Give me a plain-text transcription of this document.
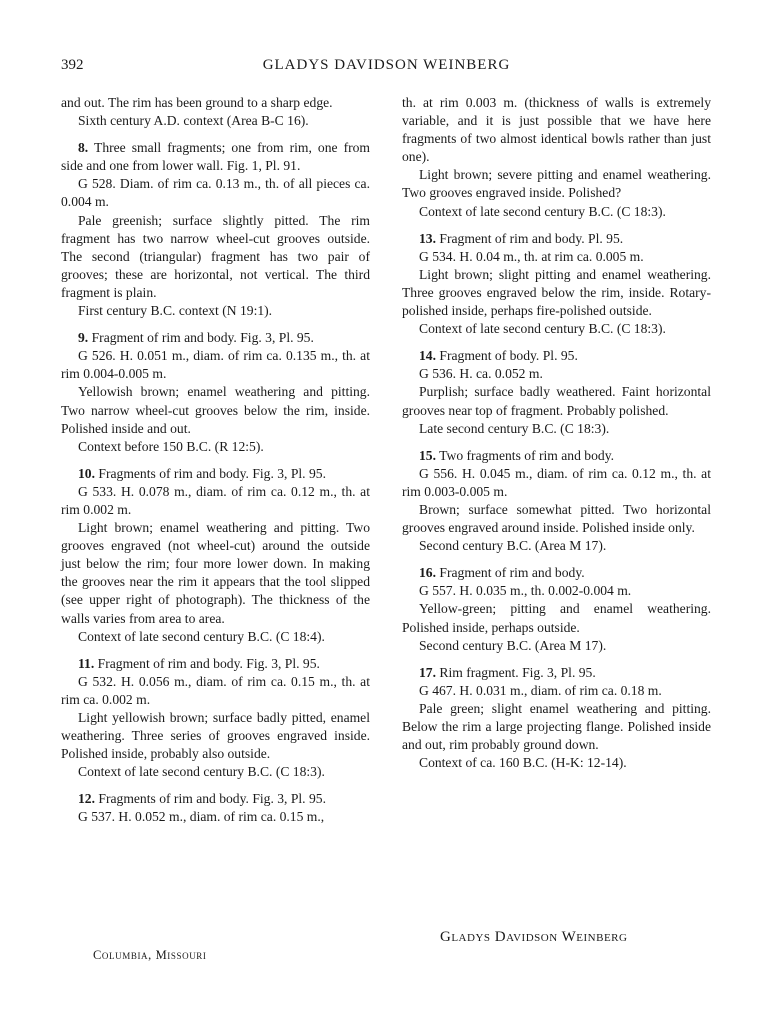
392	GLADYS DAVIDSON WEINBERG

and out. The rim has been ground to a sharp edge.

Sixth century A.D. context (Area B-C 16).

8. Three small fragments; one from rim, one from side and one from lower wall. Fig. 1, Pl. 91.

G 528. Diam. of rim ca. 0.13 m., th. of all pieces ca. 0.004 m.

Pale greenish; surface slightly pitted. The rim fragment has two narrow wheel-cut grooves outside. The second (triangular) fragment has two pair of grooves; these are horizontal, not vertical. The third fragment is plain.

First century B.C. context (N 19:1).

9. Fragment of rim and body. Fig. 3, Pl. 95.

G 526. H. 0.051 m., diam. of rim ca. 0.135 m., th. at rim 0.004-0.005 m.

Yellowish brown; enamel weathering and pitting. Two narrow wheel-cut grooves below the rim, inside. Polished inside and out.

Context before 150 B.C. (R 12:5).

10. Fragments of rim and body. Fig. 3, Pl. 95.

G 533. H. 0.078 m., diam. of rim ca. 0.12 m., th. at rim 0.002 m.

Light brown; enamel weathering and pitting. Two grooves engraved (not wheel-cut) around the outside just below the rim; four more lower down. In making the grooves near the rim it appears that the tool slipped (see upper right of photograph). The thickness of the walls varies from area to area.

Context of late second century B.C. (C 18:4).

11. Fragment of rim and body. Fig. 3, Pl. 95.

G 532. H. 0.056 m., diam. of rim ca. 0.15 m., th. at rim ca. 0.002 m.

Light yellowish brown; surface badly pitted, enamel weathering. Three series of grooves engraved inside. Polished inside, probably also outside.

Context of late second century B.C. (C 18:3).

12. Fragments of rim and body. Fig. 3, Pl. 95.

G 537. H. 0.052 m., diam. of rim ca. 0.15 m.,

th. at rim 0.003 m. (thickness of walls is extremely variable, and it is just possible that we have here fragments of two almost identical bowls rather than just one).

Light brown; severe pitting and enamel weathering. Two grooves engraved inside. Polished?

Context of late second century B.C. (C 18:3).

13. Fragment of rim and body. Pl. 95.

G 534. H. 0.04 m., th. at rim ca. 0.005 m.

Light brown; slight pitting and enamel weathering. Three grooves engraved below the rim, inside. Rotary-polished inside, perhaps fire-polished outside.

Context of late second century B.C. (C 18:3).

14. Fragment of body. Pl. 95.

G 536. H. ca. 0.052 m.

Purplish; surface badly weathered. Faint horizontal grooves near top of fragment. Probably polished.

Late second century B.C. (C 18:3).

15. Two fragments of rim and body.

G 556. H. 0.045 m., diam. of rim ca. 0.12 m., th. at rim 0.003-0.005 m.

Brown; surface somewhat pitted. Two horizontal grooves engraved around inside. Polished inside only.

Second century B.C. (Area M 17).

16. Fragment of rim and body.

G 557. H. 0.035 m., th. 0.002-0.004 m.

Yellow-green; pitting and enamel weathering. Polished inside, perhaps outside.

Second century B.C. (Area M 17).

17. Rim fragment. Fig. 3, Pl. 95.

G 467. H. 0.031 m., diam. of rim ca. 0.18 m.

Pale green; slight enamel weathering and pitting. Below the rim a large projecting flange. Polished inside and out, rim probably ground down.

Context of ca. 160 B.C. (H-K: 12-14).

Gladys Davidson Weinberg
Columbia, Missouri
